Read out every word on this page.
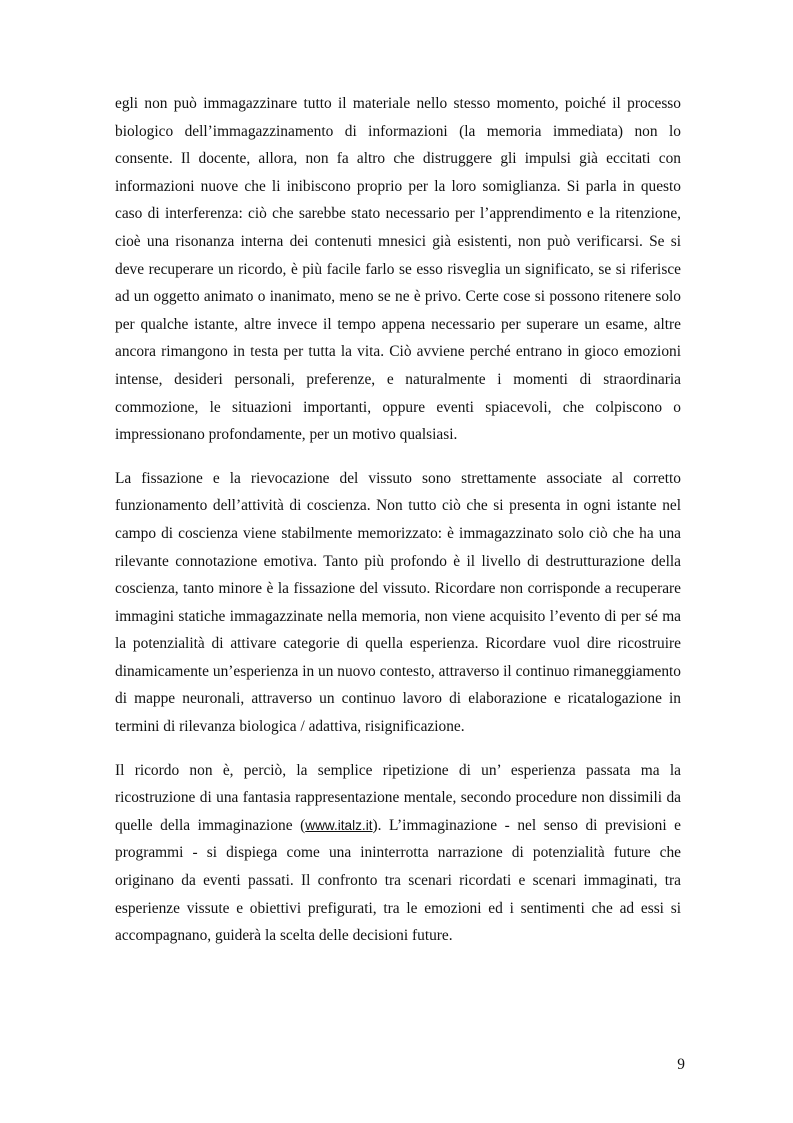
egli non può immagazzinare tutto il materiale nello stesso momento, poiché il processo biologico dell’immagazzinamento di informazioni (la memoria immediata) non lo consente. Il docente, allora, non fa altro che distruggere gli impulsi già eccitati con informazioni nuove che li inibiscono proprio per la loro somiglianza. Si parla in questo caso di interferenza: ciò che sarebbe stato necessario per l’apprendimento e la ritenzione, cioè una risonanza interna dei contenuti mnesici già esistenti, non può verificarsi. Se si deve recuperare un ricordo, è più facile farlo se esso risveglia un significato, se si riferisce ad un oggetto animato o inanimato, meno se ne è privo. Certe cose si possono ritenere solo per qualche istante, altre invece il tempo appena necessario per superare un esame, altre ancora rimangono in testa per tutta la vita. Ciò avviene perché entrano in gioco emozioni intense, desideri personali, preferenze, e naturalmente i momenti di straordinaria commozione, le situazioni importanti, oppure eventi spiacevoli, che colpiscono o impressionano profondamente, per un motivo qualsiasi.

La fissazione e la rievocazione del vissuto sono strettamente associate al corretto funzionamento dell’attività di coscienza. Non tutto ciò che si presenta in ogni istante nel campo di coscienza viene stabilmente memorizzato: è immagazzinato solo ciò che ha una rilevante connotazione emotiva. Tanto più profondo è il livello di destrutturazione della coscienza, tanto minore è la fissazione del vissuto. Ricordare non corrisponde a recuperare immagini statiche immagazzinate nella memoria, non viene acquisito l’evento di per sé ma la potenzialità di attivare categorie di quella esperienza. Ricordare vuol dire ricostruire dinamicamente un’esperienza in un nuovo contesto, attraverso il continuo rimaneggiamento di mappe neuronali, attraverso un continuo lavoro di elaborazione e ricatalogazione in termini di rilevanza biologica / adattiva, risignificazione.

Il ricordo non è, perciò, la semplice ripetizione di un’ esperienza passata ma la ricostruzione di una fantasia rappresentazione mentale, secondo procedure non dissimili da quelle della immaginazione (www.italz.it). L’immaginazione - nel senso di previsioni e programmi - si dispiega come una ininterrotta narrazione di potenzialità future che originano da eventi passati. Il confronto tra scenari ricordati e scenari immaginati, tra esperienze vissute e obiettivi prefigurati, tra le emozioni ed i sentimenti che ad essi si accompagnano, guiderà la scelta delle decisioni future.

9
